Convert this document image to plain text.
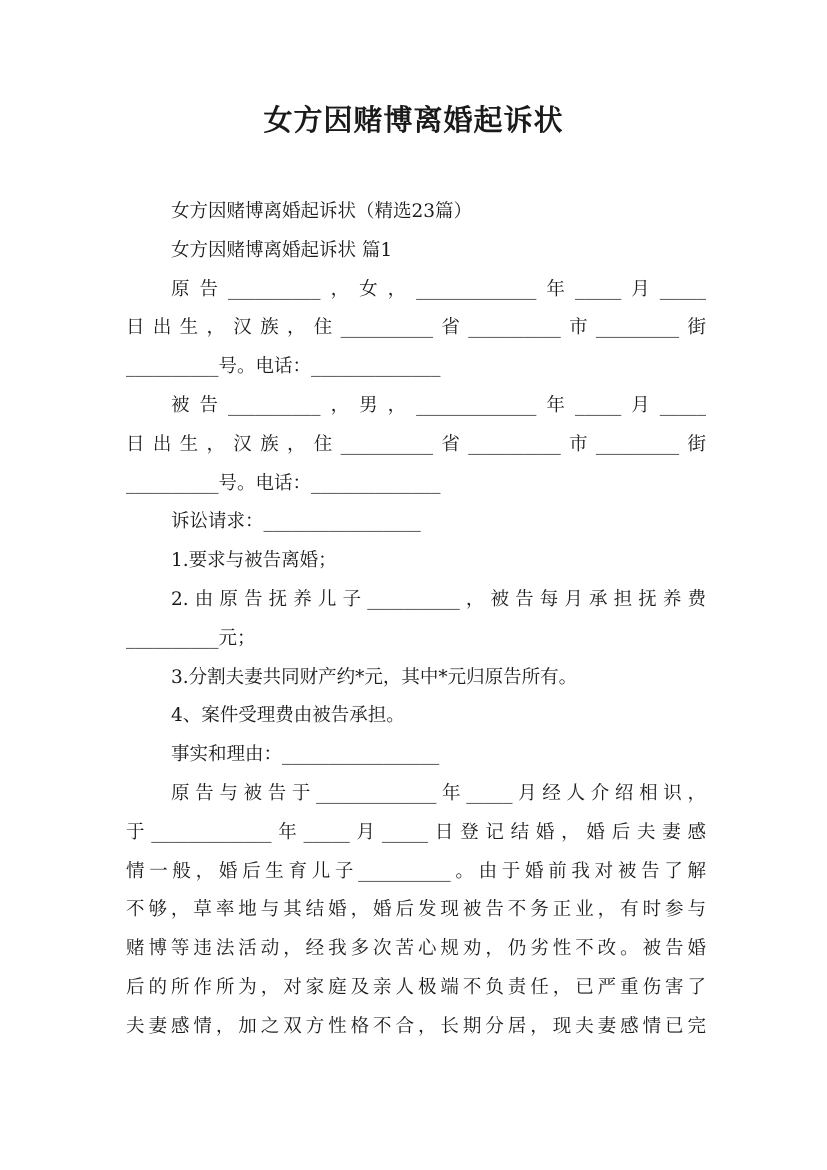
女方因赌博离婚起诉状
女方因赌博离婚起诉状（精选23篇）
女方因赌博离婚起诉状 篇1
原告__________，女，_____________年_____月_____
日出生，汉族，住__________省__________市_________街
__________号。电话：______________
被告__________，男，_____________年_____月_____
日出生，汉族，住__________省__________市_________街
__________号。电话：______________
诉讼请求：_________________
1.要求与被告离婚；
2.由原告抚养儿子__________，被告每月承担抚养费
__________元；
3.分割夫妻共同财产约*元，其中*元归原告所有。
4、案件受理费由被告承担。
事实和理由：_________________
原告与被告于_____________年_____月经人介绍相识，
于_____________年_____月_____日登记结婚，婚后夫妻感
情一般，婚后生育儿子__________。由于婚前我对被告了解
不够，草率地与其结婚，婚后发现被告不务正业，有时参与
赌博等违法活动，经我多次苦心规劝，仍劣性不改。被告婚
后的所作所为，对家庭及亲人极端不负责任，已严重伤害了
夫妻感情，加之双方性格不合，长期分居，现夫妻感情已完
